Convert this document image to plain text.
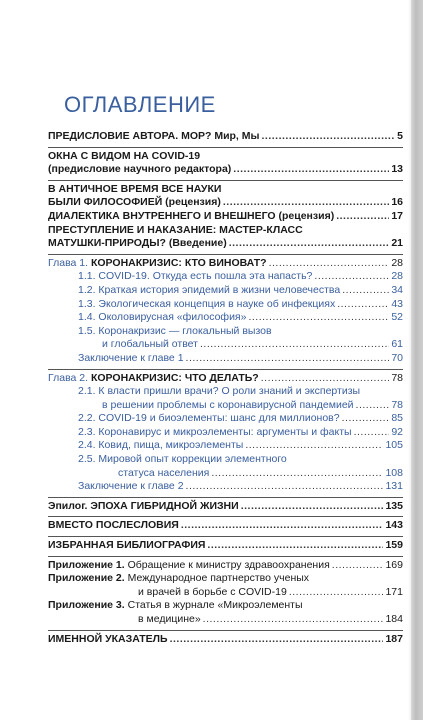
ОГЛАВЛЕНИЕ
ПРЕДИСЛОВИЕ АВТОРА. МОР? Мир, Мы .....	5
ОКНА С ВИДОМ НА COVID-19
(предисловие научного редактора) .....	13
В АНТИЧНОЕ ВРЕМЯ ВСЕ НАУКИ
БЫЛИ ФИЛОСОФИЕЙ (рецензия) .....	16
ДИАЛЕКТИКА ВНУТРЕННЕГО И ВНЕШНЕГО (рецензия) .....	17
ПРЕСТУПЛЕНИЕ И НАКАЗАНИЕ: МАСТЕР-КЛАСС
МАТУШКИ-ПРИРОДЫ? (Введение) .....	21
Глава 1. КОРОНАКРИЗИС: КТО ВИНОВАТ? .....	28
1.1. COVID-19. Откуда есть пошла эта напасть? .....	28
1.2. Краткая история эпидемий в жизни человечества .....	34
1.3. Экологическая концепция в науке об инфекциях .....	43
1.4. Околовирусная «философия» .....	52
1.5. Коронакризис — глокальный вызов
и глобальный ответ .....	61
Заключение к главе 1 .....	70
Глава 2. КОРОНАКРИЗИС: ЧТО ДЕЛАТЬ? .....	78
2.1. К власти пришли врачи? О роли знаний и экспертизы
в решении проблемы с коронавирусной пандемией .....	78
2.2. COVID-19 и биоэлементы: шанс для миллионов? .....	85
2.3. Коронавирус и микроэлементы: аргументы и факты .....	92
2.4. Ковид, пища, микроэлементы .....	105
2.5. Мировой опыт коррекции элементного
статуса населения .....	108
Заключение к главе 2 .....	131
Эпилог. ЭПОХА ГИБРИДНОЙ ЖИЗНИ .....	135
ВМЕСТО ПОСЛЕСЛОВИЯ .....	143
ИЗБРАННАЯ БИБЛИОГРАФИЯ .....	159
Приложение 1. Обращение к министру здравоохранения .....	169
Приложение 2. Международное партнерство ученых
и врачей в борьбе с COVID-19 .....	171
Приложение 3. Статья в журнале «Микроэлементы
в медицине» .....	184
ИМЕННОЙ УКАЗАТЕЛЬ .....	187
